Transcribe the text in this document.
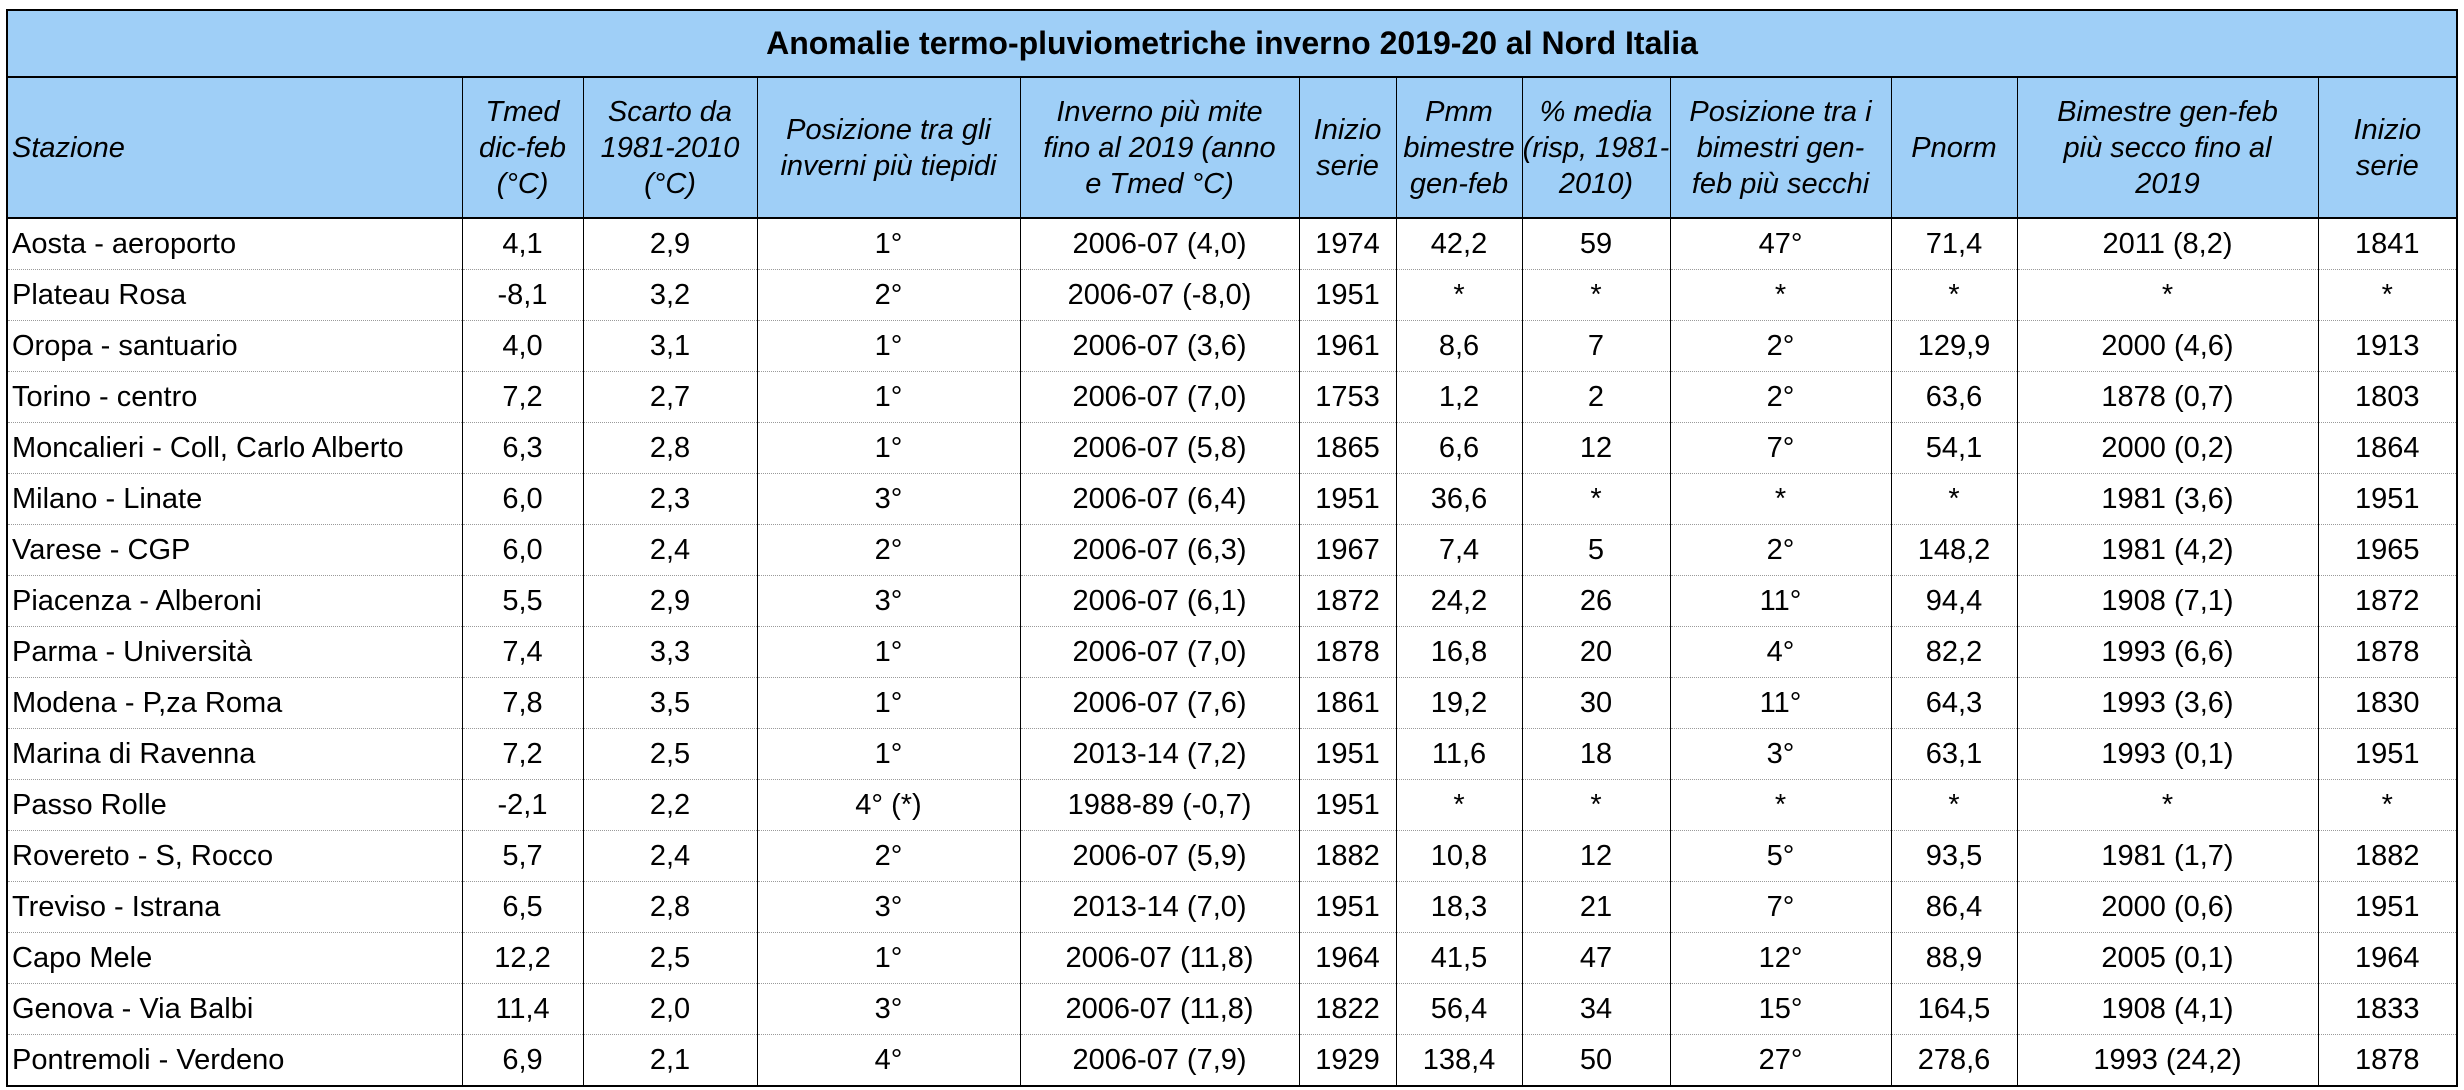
Anomalie termo-pluviometriche inverno 2019-20 al Nord Italia											

Stazione	Tmed
dic-feb
(°C)	Scarto da
1981-2010
(°C)	Posizione tra gli
inverni più tiepidi	Inverno più mite
fino al 2019 (anno
e Tmed °C)	Inizio
serie	Pmm
bimestre
gen-feb	% media
(risp, 1981-
2010)	Posizione tra i
bimestri gen-
feb più secchi	Pnorm	Bimestre gen-feb
più secco fino al
2019	Inizio
serie

Aosta - aeroporto	4,1	2,9	1°	2006-07 (4,0)	1974	42,2	59	47°	71,4	2011 (8,2)	1841
Plateau Rosa	-8,1	3,2	2°	2006-07 (-8,0)	1951	*	*	*	*	*	*
Oropa - santuario	4,0	3,1	1°	2006-07 (3,6)	1961	8,6	7	2°	129,9	2000 (4,6)	1913
Torino - centro	7,2	2,7	1°	2006-07 (7,0)	1753	1,2	2	2°	63,6	1878 (0,7)	1803
Moncalieri - Coll, Carlo Alberto	6,3	2,8	1°	2006-07 (5,8)	1865	6,6	12	7°	54,1	2000 (0,2)	1864
Milano - Linate	6,0	2,3	3°	2006-07 (6,4)	1951	36,6	*	*	*	1981 (3,6)	1951
Varese - CGP	6,0	2,4	2°	2006-07 (6,3)	1967	7,4	5	2°	148,2	1981 (4,2)	1965
Piacenza - Alberoni	5,5	2,9	3°	2006-07 (6,1)	1872	24,2	26	11°	94,4	1908 (7,1)	1872
Parma - Università	7,4	3,3	1°	2006-07 (7,0)	1878	16,8	20	4°	82,2	1993 (6,6)	1878
Modena - P,za Roma	7,8	3,5	1°	2006-07 (7,6)	1861	19,2	30	11°	64,3	1993 (3,6)	1830
Marina di Ravenna	7,2	2,5	1°	2013-14 (7,2)	1951	11,6	18	3°	63,1	1993 (0,1)	1951
Passo Rolle	-2,1	2,2	4° (*)	1988-89 (-0,7)	1951	*	*	*	*	*	*
Rovereto - S, Rocco	5,7	2,4	2°	2006-07 (5,9)	1882	10,8	12	5°	93,5	1981 (1,7)	1882
Treviso - Istrana	6,5	2,8	3°	2013-14 (7,0)	1951	18,3	21	7°	86,4	2000 (0,6)	1951
Capo Mele	12,2	2,5	1°	2006-07 (11,8)	1964	41,5	47	12°	88,9	2005 (0,1)	1964
Genova - Via Balbi	11,4	2,0	3°	2006-07 (11,8)	1822	56,4	34	15°	164,5	1908 (4,1)	1833
Pontremoli - Verdeno	6,9	2,1	4°	2006-07 (7,9)	1929	138,4	50	27°	278,6	1993 (24,2)	1878
